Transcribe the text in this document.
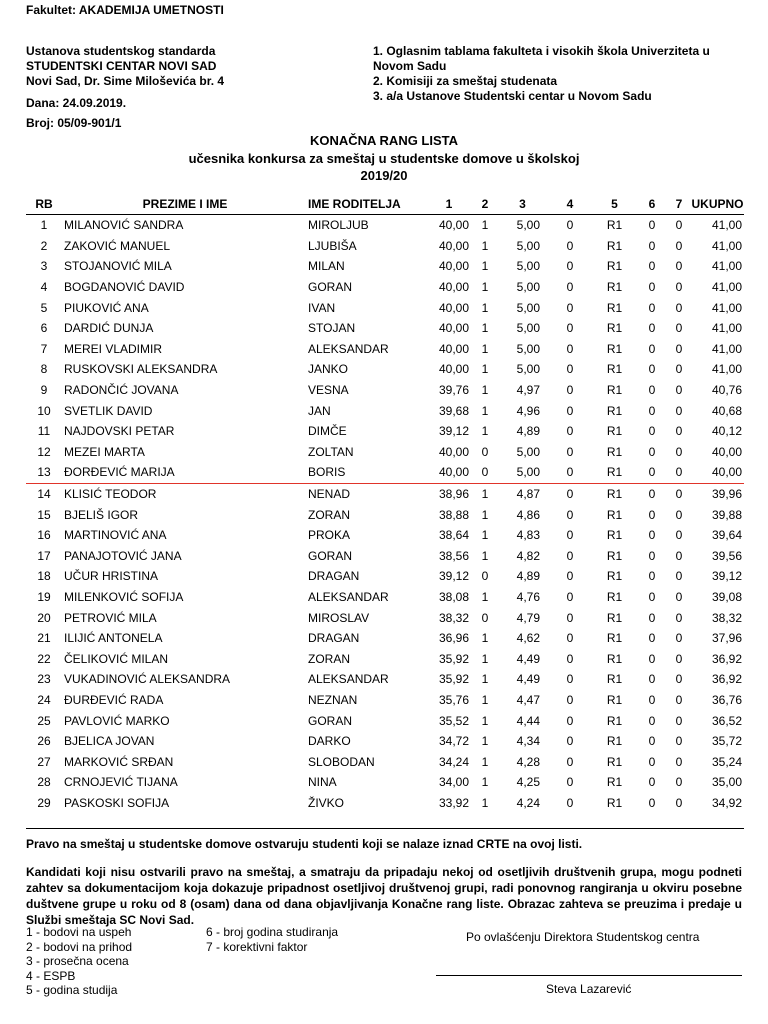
Fakultet: AKADEMIJA UMETNOSTI
Ustanova studentskog standarda
STUDENTSKI CENTAR NOVI SAD
Novi Sad, Dr. Sime Miloševića br. 4
1. Oglasnim tablama fakulteta i visokih škola Univerziteta u
Novom Sadu
2. Komisiji za smeštaj studenata
3. a/a Ustanove Studentski centar u Novom Sadu
Dana: 24.09.2019.
Broj: 05/09-901/1
KONAČNA RANG LISTA
učesnika konkursa za smeštaj u studentske domove u školskoj
2019/20
RB	PREZIME I IME	IME RODITELJA	1	2	3	4	5	6	7	UKUPNO
1	MILANOVIĆ SANDRA	MIROLJUB	40,00	1	5,00	0	R1	0	0	41,00
2	ZAKOVIĆ MANUEL	LJUBIŠA	40,00	1	5,00	0	R1	0	0	41,00
3	STOJANOVIĆ MILA	MILAN	40,00	1	5,00	0	R1	0	0	41,00
4	BOGDANOVIĆ DAVID	GORAN	40,00	1	5,00	0	R1	0	0	41,00
5	PIUKOVIĆ ANA	IVAN	40,00	1	5,00	0	R1	0	0	41,00
6	DARDIĆ DUNJA	STOJAN	40,00	1	5,00	0	R1	0	0	41,00
7	MEREI VLADIMIR	ALEKSANDAR	40,00	1	5,00	0	R1	0	0	41,00
8	RUSKOVSKI ALEKSANDRA	JANKO	40,00	1	5,00	0	R1	0	0	41,00
9	RADONČIĆ JOVANA	VESNA	39,76	1	4,97	0	R1	0	0	40,76
10	SVETLIK DAVID	JAN	39,68	1	4,96	0	R1	0	0	40,68
11	NAJDOVSKI PETAR	DIMČE	39,12	1	4,89	0	R1	0	0	40,12
12	MEZEI MARTA	ZOLTAN	40,00	0	5,00	0	R1	0	0	40,00
13	ĐORĐEVIĆ MARIJA	BORIS	40,00	0	5,00	0	R1	0	0	40,00
14	KLISIĆ TEODOR	NENAD	38,96	1	4,87	0	R1	0	0	39,96
15	BJELIŠ IGOR	ZORAN	38,88	1	4,86	0	R1	0	0	39,88
16	MARTINOVIĆ ANA	PROKA	38,64	1	4,83	0	R1	0	0	39,64
17	PANAJOTOVIĆ JANA	GORAN	38,56	1	4,82	0	R1	0	0	39,56
18	UČUR HRISTINA	DRAGAN	39,12	0	4,89	0	R1	0	0	39,12
19	MILENKOVIĆ SOFIJA	ALEKSANDAR	38,08	1	4,76	0	R1	0	0	39,08
20	PETROVIĆ MILA	MIROSLAV	38,32	0	4,79	0	R1	0	0	38,32
21	ILIJIĆ ANTONELA	DRAGAN	36,96	1	4,62	0	R1	0	0	37,96
22	ČELIKOVIĆ MILAN	ZORAN	35,92	1	4,49	0	R1	0	0	36,92
23	VUKADINOVIĆ ALEKSANDRA	ALEKSANDAR	35,92	1	4,49	0	R1	0	0	36,92
24	ĐURĐEVIĆ RADA	NEZNAN	35,76	1	4,47	0	R1	0	0	36,76
25	PAVLOVIĆ MARKO	GORAN	35,52	1	4,44	0	R1	0	0	36,52
26	BJELICA JOVAN	DARKO	34,72	1	4,34	0	R1	0	0	35,72
27	MARKOVIĆ SRĐAN	SLOBODAN	34,24	1	4,28	0	R1	0	0	35,24
28	CRNOJEVIĆ TIJANA	NINA	34,00	1	4,25	0	R1	0	0	35,00
29	PASKOSKI SOFIJA	ŽIVKO	33,92	1	4,24	0	R1	0	0	34,92
Pravo na smeštaj u studentske domove ostvaruju studenti koji se nalaze iznad CRTE na ovoj listi.
Kandidati koji nisu ostvarili pravo na smeštaj, a smatraju da pripadaju nekoj od osetljivih društvenih grupa, mogu podneti zahtev sa dokumentacijom koja dokazuje pripadnost osetljivoj društvenoj grupi, radi ponovnog rangiranja u okviru posebne duštvene grupe u roku od 8 (osam) dana od dana objavljivanja Konačne rang liste. Obrazac zahteva se preuzima i predaje u Službi smeštaja SC Novi Sad.
1 - bodovi na uspeh
2 - bodovi na prihod
3 - prosečna ocena
4 - ESPB
5 - godina studija
6 - broj godina studiranja
7 - korektivni faktor
Po ovlašćenju Direktora Studentskog centra
Steva Lazarević
